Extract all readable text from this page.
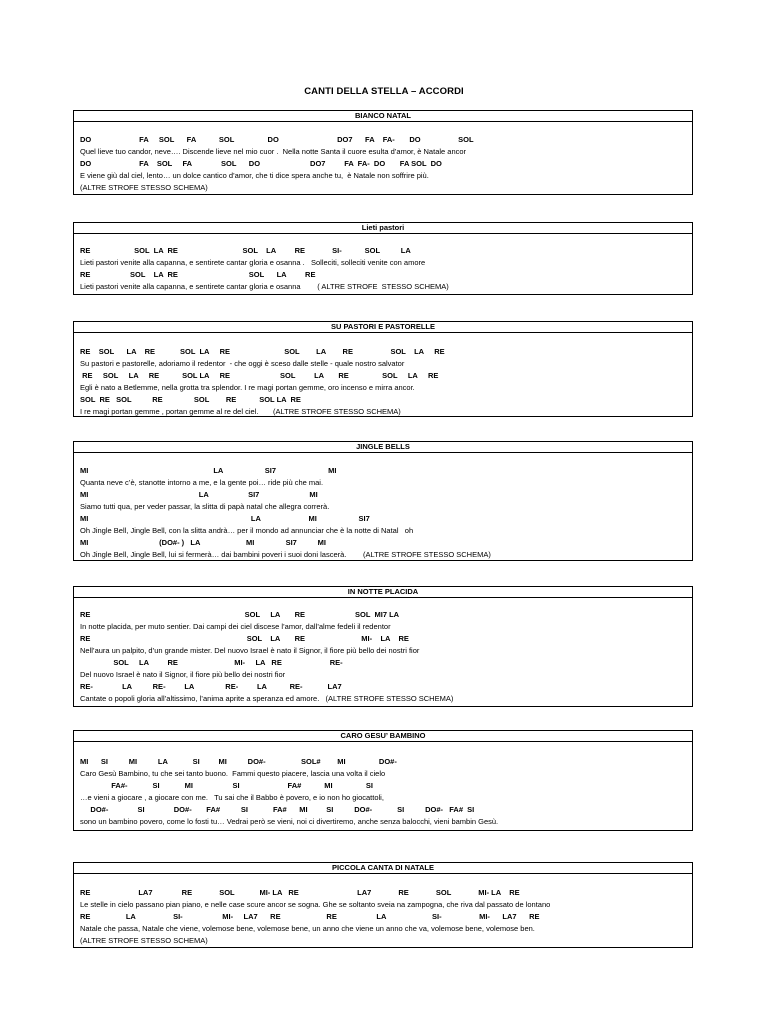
CANTI DELLA STELLA – ACCORDI
BIANCO NATAL
DO                       FA     SOL      FA           SOL                DO                            DO7      FA    FA-       DO                  SOL
Quel lieve tuo candor, neve…. Discende lieve nel mio cuor .  Nella notte Santa il cuore esulta d’amor, è Natale ancor
DO                       FA    SOL     FA              SOL      DO                        DO7         FA  FA-  DO       FA SOL  DO
E viene giù dal ciel, lento… un dolce cantico d’amor, che ti dice spera anche tu,  è Natale non soffrire più.
(ALTRE STROFE STESSO SCHEMA)
Lieti pastori
RE                     SOL  LA  RE                               SOL    LA         RE             SI-           SOL          LA
Lieti pastori venite alla capanna, e sentirete cantar gloria e osanna .   Solleciti, solleciti venite con amore
RE                   SOL    LA  RE                                  SOL      LA         RE
Lieti pastori venite alla capanna, e sentirete cantar gloria e osanna        ( ALTRE STROFE  STESSO SCHEMA)
SU PASTORI E PASTORELLE
RE    SOL      LA    RE            SOL  LA     RE                          SOL        LA        RE                  SOL    LA     RE
Su pastori e pastorelle, adoriamo il redentor  - che oggi è sceso dalle stelle - quale nostro salvator
RE     SOL     LA     RE           SOL LA     RE                        SOL         LA       RE                SOL     LA     RE
Egli è nato a Betlemme, nella grotta tra splendor. I re magi portan gemme, oro incenso e mirra ancor.
SOL  RE   SOL          RE               SOL        RE           SOL LA  RE
I re magi portan gemme , portan gemme al re del ciel.       (ALTRE STROFE STESSO SCHEMA)
JINGLE BELLS
MI                                                            LA                    SI7                         MI
Quanta neve c’è, stanotte intorno a me, e la gente poi… ride più che mai.
MI                                                     LA                   SI7                        MI
Siamo tutti qua, per veder passar, la slitta di papà natal che allegra correrà.
MI                                                                              LA                       MI                    SI7
Oh Jingle Bell, Jingle Bell, con la slitta andrà… per il mondo ad annunciar che è la notte di Natal   oh
MI                                  (DO#- )   LA                      MI               SI7          MI
Oh Jingle Bell, Jingle Bell, lui si fermerà… dai bambini poveri i suoi doni lascerà.        (ALTRE STROFE STESSO SCHEMA)
IN NOTTE PLACIDA
RE                                                                          SOL     LA       RE                        SOL  MI7 LA
In notte placida, per muto sentier. Dai campi dei ciel discese l’amor, dall’alme fedeli il redentor
RE                                                                           SOL    LA       RE                           MI-    LA    RE
Nell’aura un palpito, d’un grande mister. Del nuovo Israel è nato il Signor, il fiore più bello dei nostri fior
SOL     LA         RE                           MI-     LA   RE                       RE-
Del nuovo Israel è nato il Signor, il fiore più bello dei nostri fior
RE-              LA          RE-         LA               RE-         LA           RE-            LA7
Cantate o popoli gloria all’altissimo, l’anima aprite a speranza ed amore.   (ALTRE STROFE STESSO SCHEMA)
CARO GESU’ BAMBINO
MI      SI          MI          LA            SI         MI          DO#-                 SOL#        MI                DO#-
Caro Gesù Bambino, tu che sei tanto buono.  Fammi questo piacere, lascia una volta il cielo
FA#-            SI            MI                   SI                       FA#           MI                SI
…e vieni a giocare , a giocare con me.   Tu sai che il Babbo è povero, e io non ho giocattoli,
DO#-              SI              DO#-       FA#          SI            FA#      MI         SI          DO#-            SI          DO#-   FA#  SI
sono un bambino povero, come lo fosti tu… Vedrai però se vieni, noi ci divertiremo, anche senza balocchi, vieni bambin Gesù.
PICCOLA CANTA DI NATALE
RE                       LA7              RE             SOL            MI- LA   RE                            LA7             RE             SOL             MI- LA    RE
Le stelle in cielo passano pian piano, e nelle case scure ancor se sogna. Ghe se soltanto sveia na zampogna, che riva dal passato de lontano
RE                 LA                  SI-                   MI-     LA7      RE                      RE                   LA                      SI-                  MI-      LA7      RE
Natale che passa, Natale che viene, volemose bene, volemose bene, un anno che viene un anno che va, volemose bene, volemose ben.
(ALTRE STROFE STESSO SCHEMA)
